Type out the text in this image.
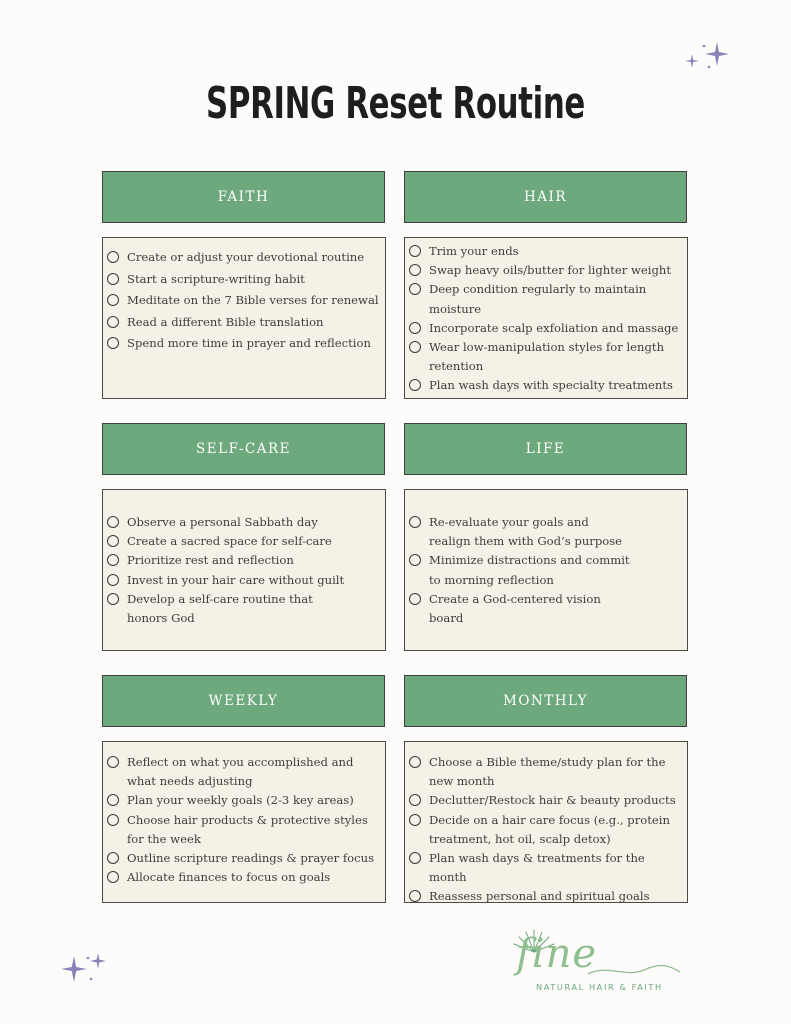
SPRING Reset Routine
FAITH
Create or adjust your devotional routine
Start a scripture-writing habit
Meditate on the 7 Bible verses for renewal
Read a different Bible translation
Spend more time in prayer and reflection
HAIR
Trim your ends
Swap heavy oils/butter for lighter weight
Deep condition regularly to maintain moisture
Incorporate scalp exfoliation and massage
Wear low-manipulation styles for length retention
Plan wash days with specialty treatments
SELF-CARE
Observe a personal Sabbath day
Create a sacred space for self-care
Prioritize rest and reflection
Invest in your hair care without guilt
Develop a self-care routine that honors God
LIFE
Re-evaluate your goals and realign them with God’s purpose
Minimize distractions and commit to morning reflection
Create a God-centered vision board
WEEKLY
Reflect on what you accomplished and what needs adjusting
Plan your weekly goals (2-3 key areas)
Choose hair products & protective styles for the week
Outline scripture readings & prayer focus
Allocate finances to focus on goals
MONTHLY
Choose a Bible theme/study plan for the new month
Declutter/Restock hair & beauty products
Decide on a hair care focus (e.g., protein treatment, hot oil, scalp detox)
Plan wash days & treatments for the month
Reassess personal and spiritual goals
fine
NATURAL HAIR & FAITH
